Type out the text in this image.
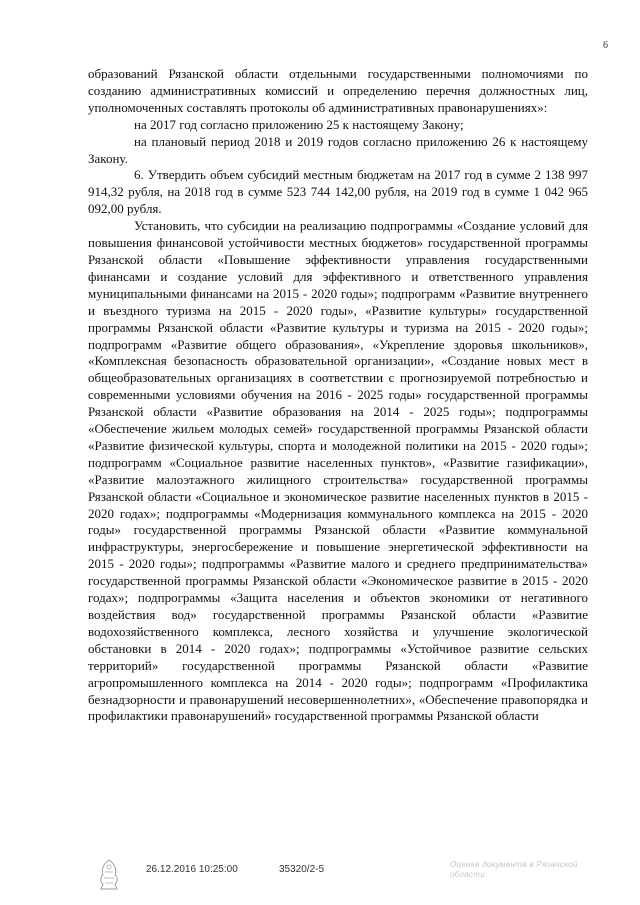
6

образований Рязанской области отдельными государственными полномочиями по созданию административных комиссий и определению перечня должностных лиц, уполномоченных составлять протоколы об административных правонарушениях»:

на 2017 год согласно приложению 25 к настоящему Закону;

на плановый период 2018 и 2019 годов согласно приложению 26 к настоящему Закону.

6. Утвердить объем субсидий местным бюджетам на 2017 год в сумме 2 138 997 914,32 рубля, на 2018 год в сумме 523 744 142,00 рубля, на 2019 год в сумме 1 042 965 092,00 рубля.

Установить, что субсидии на реализацию подпрограммы «Создание условий для повышения финансовой устойчивости местных бюджетов» государственной программы Рязанской области «Повышение эффективности управления государственными финансами и создание условий для эффективного и ответственного управления муниципальными финансами на 2015 - 2020 годы»; подпрограмм «Развитие внутреннего и въездного туризма на 2015 - 2020 годы», «Развитие культуры» государственной программы Рязанской области «Развитие культуры и туризма на 2015 - 2020 годы»; подпрограмм «Развитие общего образования», «Укрепление здоровья школьников», «Комплексная безопасность образовательной организации», «Создание новых мест в общеобразовательных организациях в соответствии с прогнозируемой потребностью и современными условиями обучения на 2016 - 2025 годы» государственной программы Рязанской области «Развитие образования на 2014 - 2025 годы»; подпрограммы «Обеспечение жильем молодых семей» государственной программы Рязанской области «Развитие физической культуры, спорта и молодежной политики на 2015 - 2020 годы»; подпрограмм «Социальное развитие населенных пунктов», «Развитие газификации», «Развитие малоэтажного жилищного строительства» государственной программы Рязанской области «Социальное и экономическое развитие населенных пунктов в 2015 - 2020 годах»; подпрограммы «Модернизация коммунального комплекса на 2015 - 2020 годы» государственной программы Рязанской области «Развитие коммунальной инфраструктуры, энергосбережение и повышение энергетической эффективности на 2015 - 2020 годы»; подпрограммы «Развитие малого и среднего предпринимательства» государственной программы Рязанской области «Экономическое развитие в 2015 - 2020 годах»; подпрограммы «Защита населения и объектов экономики от негативного воздействия вод» государственной программы Рязанской области «Развитие водохозяйственного комплекса, лесного хозяйства и улучшение экологической обстановки в 2014 - 2020 годах»; подпрограммы «Устойчивое развитие сельских территорий» государственной программы Рязанской области «Развитие агропромышленного комплекса на 2014 - 2020 годы»; подпрограмм «Профилактика безнадзорности и правонарушений несовершеннолетних», «Обеспечение правопорядка и профилактики правонарушений» государственной программы Рязанской области

26.12.2016 10:25:00	35320/2-5	Оценка документа в Рязанской области
